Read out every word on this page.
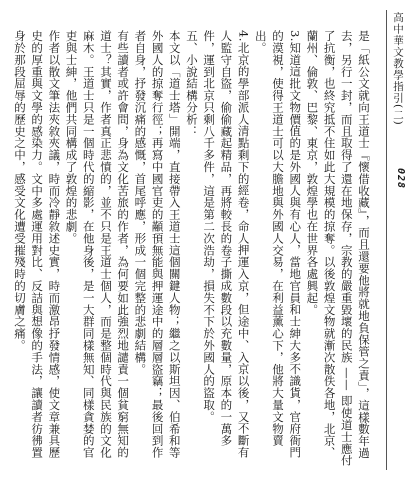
高中華文教學指引(二)
028

是「紙公文就向王道士『懷借收藏』，而且還要他將就地負保管之責」，這樣數年過去，另行一封，而且取得了還在地保存，宗教的嚴重毀壞的民族 —— 即使道士應付了抗衡，也終究抵不住如此大規模的掠奪。以後敦煌文物就漸次散佚各地，北京、蘭州、倫敦、巴黎、東京，敦煌學也在世界各處興起。

3.知道這批文物價值的是外國人與有心人，當地官員和士紳大多不識貨，官府衙門的漠視，使得王道士可以大膽地與外國人交易，在利益薰心下，他將大量文物賣出。

4.北京的學部派人清點剩下的經卷，命人押運入京，但途中、入京以後，又不斷有人監守自盜，偷偷藏起精品，再將較長的卷子撕成數段以充數量，原本的一萬多件，運到北京只剩八千多件，這是第二次浩劫，損失不下於外國人的盜取。

五、小說結構分析：

本文以「道士塔」開端，直接帶入王道士這個關鍵人物；繼之以斯坦因、伯希和等外國人的掠奪行徑；再寫中國官吏的顢頇無能與押運途中的層層盜竊；最後回到作者自身，抒發沉痛的感慨，首尾呼應，形成一個完整的悲劇結構。

有些讀者或許會問，身為文化苦旅的作者，為何要如此強烈地譴責一個貧窮無知的道士？其實，作者真正悲憤的，並不只是王道士個人，而是整個時代與民族的文化麻木。王道士只是一個時代的縮影，在他身後，是一大群同樣無知、同樣貪婪的官吏與士紳，他們共同構成了敦煌的悲劇。

作者以散文筆法夾敘夾議，時而冷靜敘述史實，時而激昂抒發情感，使文章兼具歷史的厚重與文學的感染力。文中多處運用對比、反詰與想像的手法，讓讀者彷彿置身於那段屈辱的歷史之中，感受文化遭受摧殘時的切膚之痛。
